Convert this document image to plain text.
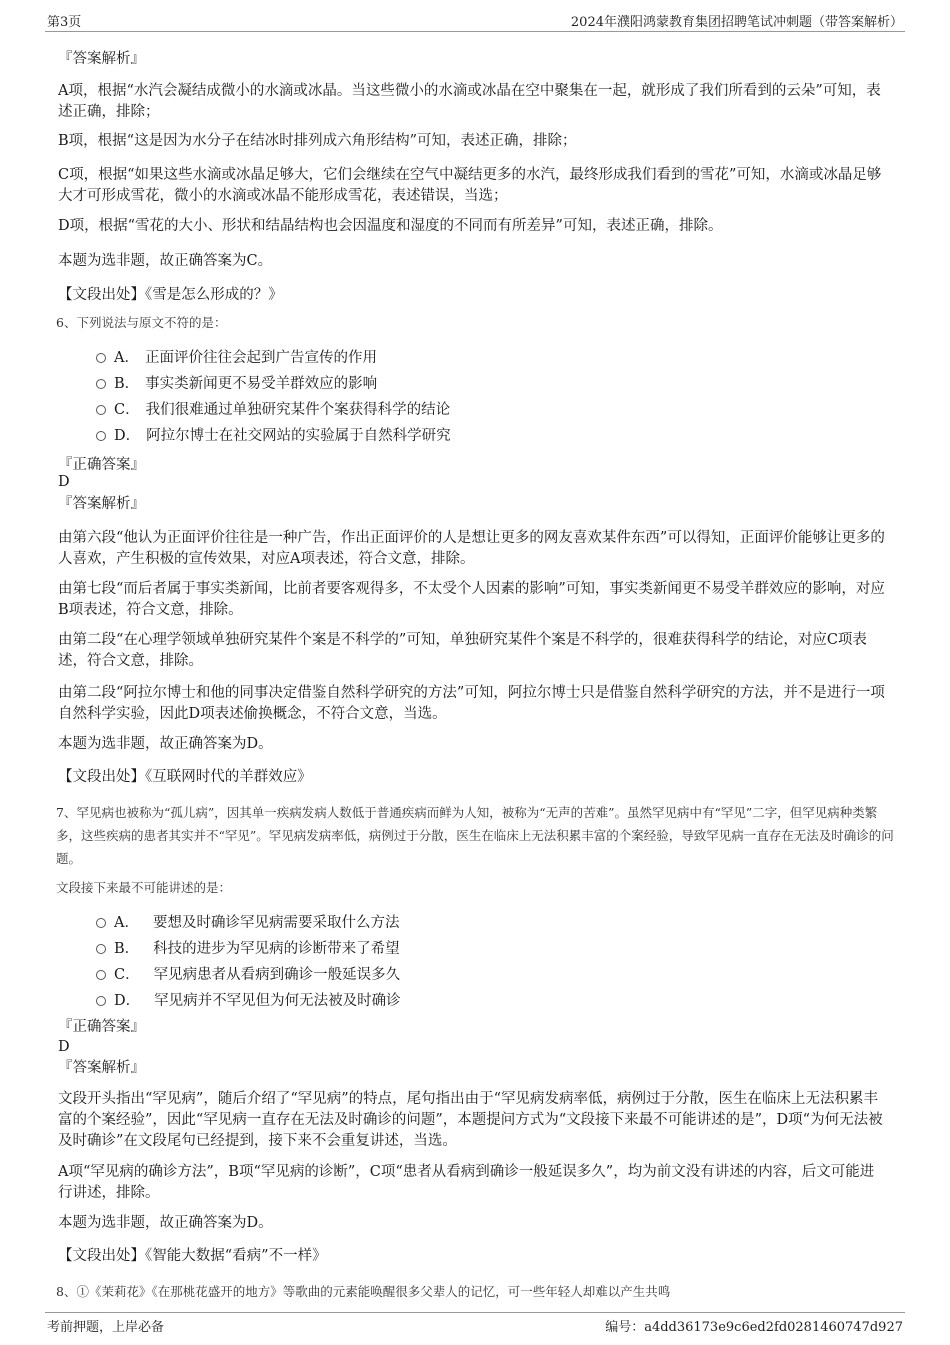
第3页	2024年濮阳鸿蒙教育集团招聘笔试冲刺题（带答案解析）

『答案解析』

A项，根据“水汽会凝结成微小的水滴或冰晶。当这些微小的水滴或冰晶在空中聚集在一起，就形成了我们所看到的云朵”可知，表述正确，排除；

B项，根据“这是因为水分子在结冰时排列成六角形结构”可知，表述正确，排除；

C项，根据“如果这些水滴或冰晶足够大，它们会继续在空气中凝结更多的水汽，最终形成我们看到的雪花”可知，水滴或冰晶足够大才可形成雪花，微小的水滴或冰晶不能形成雪花，表述错误，当选；

D项，根据“雪花的大小、形状和结晶结构也会因温度和湿度的不同而有所差异”可知，表述正确，排除。

本题为选非题，故正确答案为C。

【文段出处】《雪是怎么形成的？》

6、下列说法与原文不符的是：

A． 正面评价往往会起到广告宣传的作用
B． 事实类新闻更不易受羊群效应的影响
C． 我们很难通过单独研究某件个案获得科学的结论
D． 阿拉尔博士在社交网站的实验属于自然科学研究

『正确答案』

D

『答案解析』

由第六段“他认为正面评价往往是一种广告，作出正面评价的人是想让更多的网友喜欢某件东西”可以得知，正面评价能够让更多的人喜欢，产生积极的宣传效果，对应A项表述，符合文意，排除。

由第七段“而后者属于事实类新闻，比前者要客观得多，不太受个人因素的影响”可知，事实类新闻更不易受羊群效应的影响，对应B项表述，符合文意，排除。

由第二段“在心理学领域单独研究某件个案是不科学的”可知，单独研究某件个案是不科学的，很难获得科学的结论，对应C项表述，符合文意，排除。

由第二段“阿拉尔博士和他的同事决定借鉴自然科学研究的方法”可知，阿拉尔博士只是借鉴自然科学研究的方法，并不是进行一项自然科学实验，因此D项表述偷换概念，不符合文意，当选。

本题为选非题，故正确答案为D。

【文段出处】《互联网时代的羊群效应》

7、罕见病也被称为“孤儿病”，因其单一疾病发病人数低于普通疾病而鲜为人知，被称为“无声的苦难”。虽然罕见病中有“罕见”二字，但罕见病种类繁多，这些疾病的患者其实并不“罕见”。罕见病发病率低，病例过于分散，医生在临床上无法积累丰富的个案经验，导致罕见病一直存在无法及时确诊的问题。

文段接下来最不可能讲述的是：

A． 要想及时确诊罕见病需要采取什么方法
B． 科技的进步为罕见病的诊断带来了希望
C． 罕见病患者从看病到确诊一般延误多久
D． 罕见病并不罕见但为何无法被及时确诊

『正确答案』

D

『答案解析』

文段开头指出“罕见病”，随后介绍了“罕见病”的特点，尾句指出由于“罕见病发病率低，病例过于分散，医生在临床上无法积累丰富的个案经验”，因此“罕见病一直存在无法及时确诊的问题”，本题提问方式为“文段接下来最不可能讲述的是”，D项“为何无法被及时确诊”在文段尾句已经提到，接下来不会重复讲述，当选。

A项“罕见病的确诊方法”，B项“罕见病的诊断”，C项“患者从看病到确诊一般延误多久”，均为前文没有讲述的内容，后文可能进行讲述，排除。

本题为选非题，故正确答案为D。

【文段出处】《智能大数据“看病”不一样》

8、①《茉莉花》《在那桃花盛开的地方》等歌曲的元素能唤醒很多父辈人的记忆，可一些年轻人却难以产生共鸣

考前押题，上岸必备	编号：a4dd36173e9c6ed2fd0281460747d927
